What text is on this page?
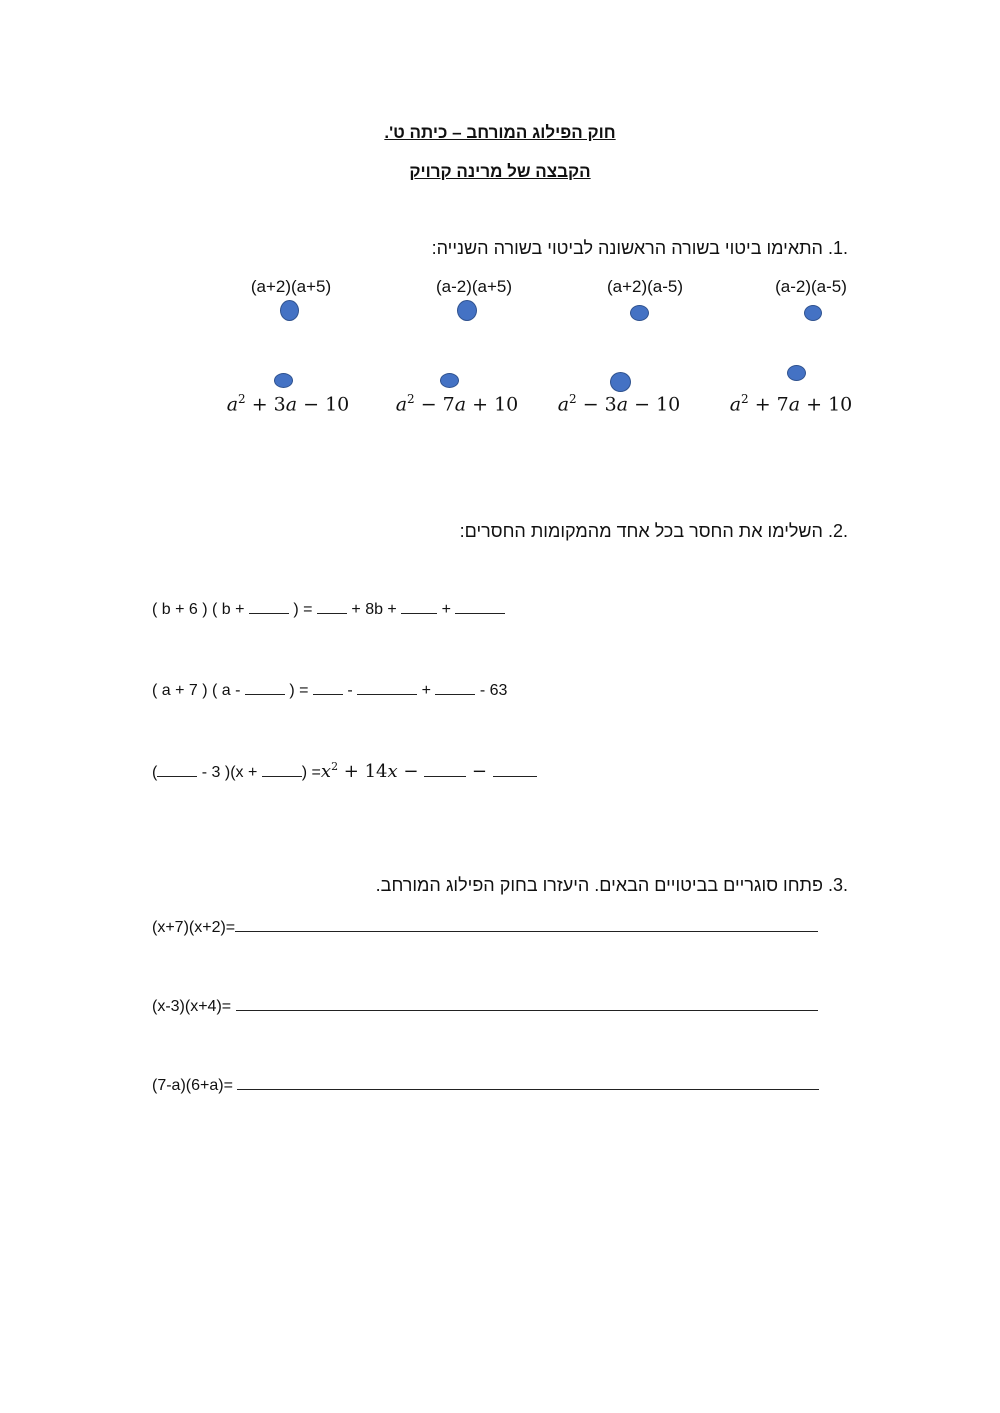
חוק הפילוג המורחב – כיתה ט'.
הקבצה של מרינה קרויק
.1. התאימו ביטוי בשורה הראשונה לביטוי בשורה השנייה:
(a+2)(a+5)	(a-2)(a+5)	(a+2)(a-5)	(a-2)(a-5)
$a^2 + 3a - 10$	$a^2 - 7a + 10$	$a^2 - 3a - 10$	$a^2 + 7a + 10$
.2. השלימו את החסר בכל אחד מהמקומות החסרים:
( b + 6 ) ( b +	) =  + 8b +  +
( a + 7 ) ( a -	) =  -	+	- 63
(	- 3 )(x +	) $=x^2 + 14x$ −  −
.3. פתחו סוגריים בביטויים הבאים. היעזרו בחוק הפילוג המורחב.
(x+7)(x+2)=
(x-3)(x+4)=
(7-a)(6+a)=
